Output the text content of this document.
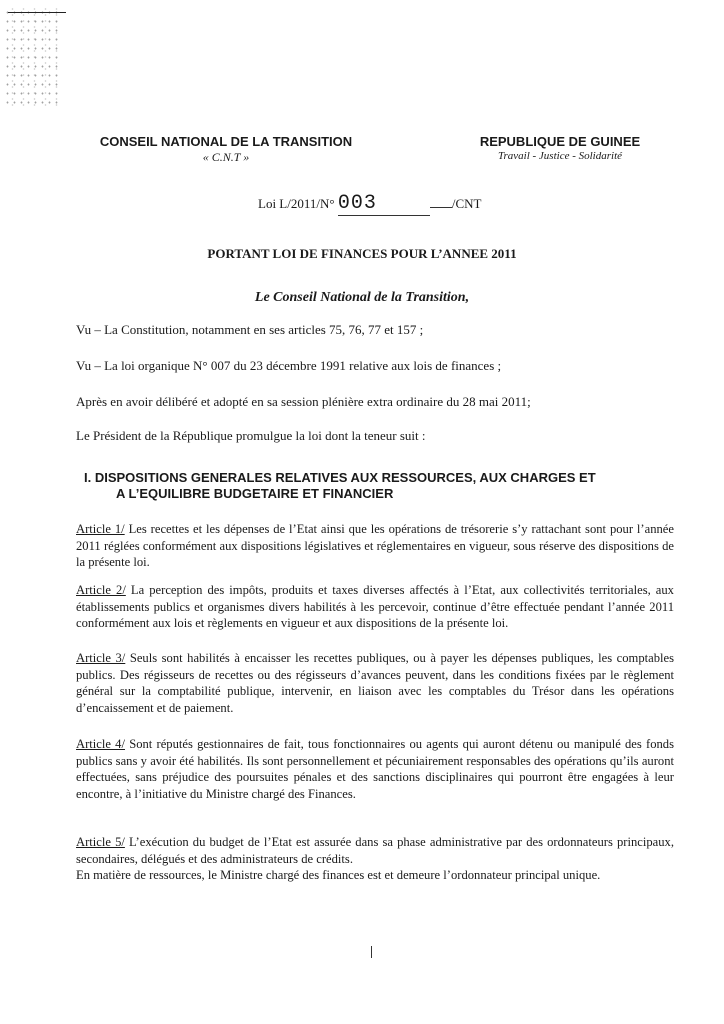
CONSEIL NATIONAL DE LA TRANSITION
« C.N.T »
REPUBLIQUE DE GUINEE
Travail - Justice - Solidarité
Loi L/2011/N° 003	/CNT
PORTANT LOI DE FINANCES POUR L’ANNEE 2011
Le Conseil National de la Transition,
Vu – La Constitution, notamment en ses articles 75, 76, 77 et 157 ;
Vu – La loi organique N° 007 du 23 décembre 1991 relative aux lois de finances ;
Après en avoir délibéré et adopté en sa session plénière extra ordinaire du 28 mai 2011;
Le Président de la République promulgue la loi dont la teneur suit :
I. DISPOSITIONS GENERALES RELATIVES AUX RESSOURCES, AUX CHARGES ET
A L’EQUILIBRE BUDGETAIRE ET FINANCIER
Article 1/ Les recettes et les dépenses de l’Etat ainsi que les opérations de trésorerie s’y rattachant sont pour l’année 2011 réglées conformément aux dispositions législatives et réglementaires en vigueur, sous réserve des dispositions de la présente loi.
Article 2/ La perception des impôts, produits et taxes diverses affectés à l’Etat, aux collectivités territoriales, aux établissements publics et organismes divers habilités à les percevoir, continue d’être effectuée pendant l’année 2011 conformément aux lois et règlements en vigueur et aux dispositions de la présente loi.
Article 3/ Seuls sont habilités à encaisser les recettes publiques, ou à payer les dépenses publiques, les comptables publics. Des régisseurs de recettes ou des régisseurs d’avances peuvent, dans les conditions fixées par le règlement général sur la comptabilité publique, intervenir, en liaison avec les comptables du Trésor dans les opérations d’encaissement et de paiement.
Article 4/ Sont réputés gestionnaires de fait, tous fonctionnaires ou agents qui auront détenu ou manipulé des fonds publics sans y avoir été habilités. Ils sont personnellement et pécuniairement responsables des opérations qu’ils auront effectuées, sans préjudice des poursuites pénales et des sanctions disciplinaires qui pourront être engagées à leur encontre, à l’initiative du Ministre chargé des Finances.
Article 5/ L’exécution du budget de l’Etat est assurée dans sa phase administrative par des ordonnateurs principaux, secondaires, délégués et des administrateurs de crédits.
En matière de ressources, le Ministre chargé des finances est et demeure l’ordonnateur principal unique.
